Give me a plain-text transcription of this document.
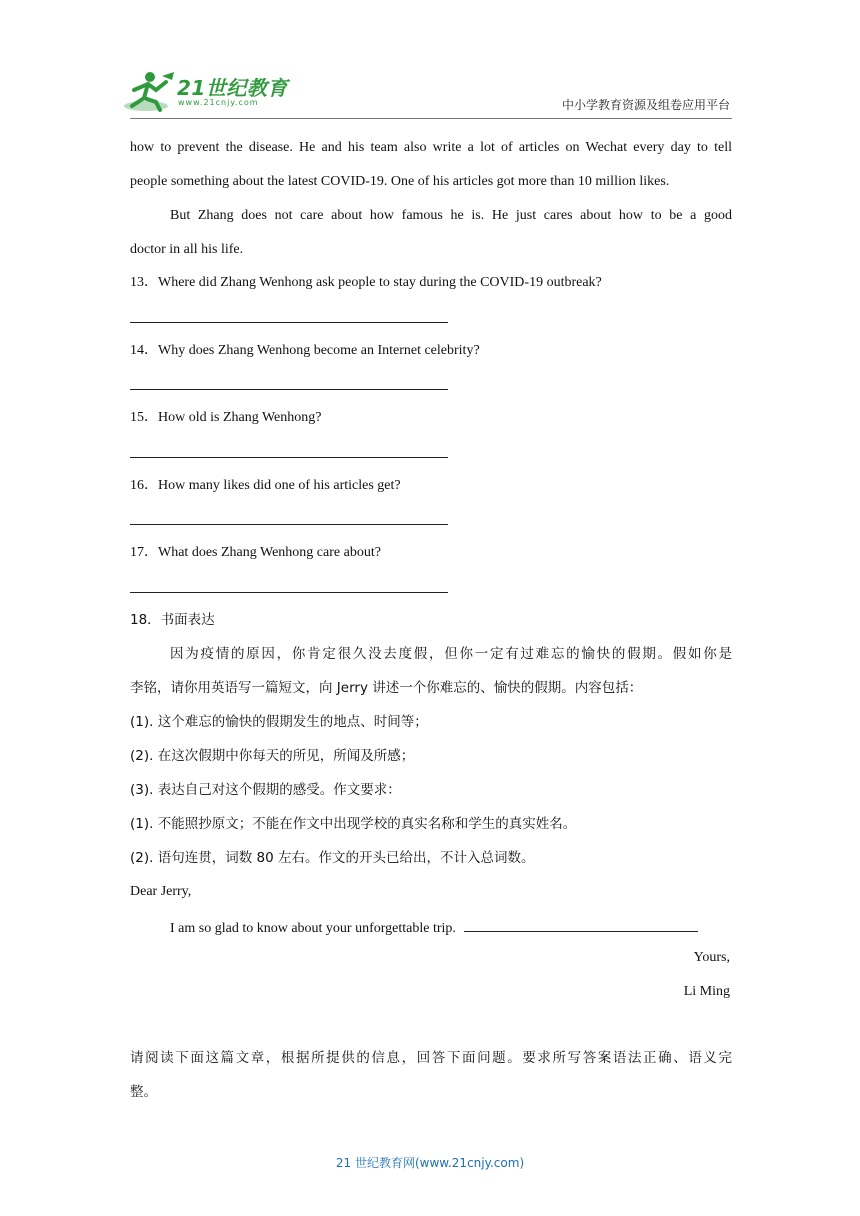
21世纪教育
www.21cnjy.com	中小学教育资源及组卷应用平台
how to prevent the disease. He and his team also write a lot of articles on Wechat every day to tell
people something about the latest COVID-19. One of his articles got more than 10 million likes.
But Zhang does not care about how famous he is. He just cares about how to be a good
doctor in all his life.
13．Where did Zhang Wenhong ask people to stay during the COVID-19 outbreak?
14．Why does Zhang Wenhong become an Internet celebrity?
15．How old is Zhang Wenhong?
16．How many likes did one of his articles get?
17．What does Zhang Wenhong care about?
18．书面表达
因为疫情的原因，你肯定很久没去度假，但你一定有过难忘的愉快的假期。假如你是
李铭，请你用英语写一篇短文，向 Jerry 讲述一个你难忘的、愉快的假期。内容包括：
(1). 这个难忘的愉快的假期发生的地点、时间等；
(2). 在这次假期中你每天的所见，所闻及所感；
(3). 表达自己对这个假期的感受。作文要求：
(1). 不能照抄原文；不能在作文中出现学校的真实名称和学生的真实姓名。
(2). 语句连贯，词数 80 左右。作文的开头已给出，不计入总词数。
Dear Jerry,
I am so glad to know about your unforgettable trip.
Yours,
Li Ming
请阅读下面这篇文章，根据所提供的信息，回答下面问题。要求所写答案语法正确、语义完
整。
21 世纪教育网(www.21cnjy.com)
